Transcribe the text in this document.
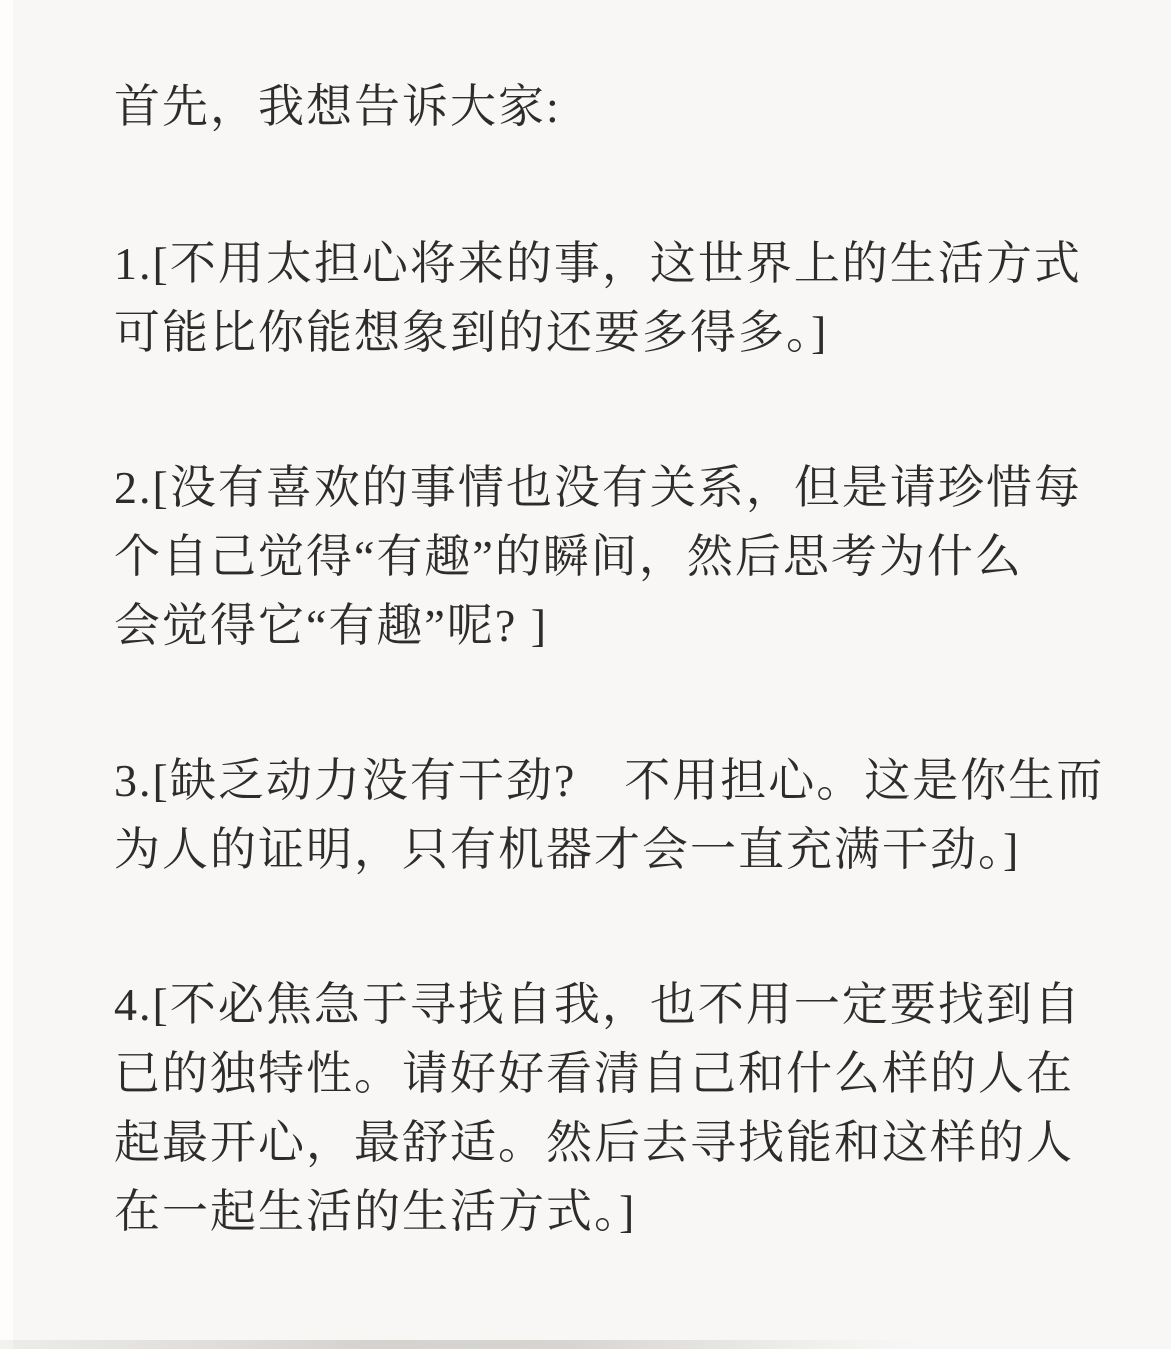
首先，我想告诉大家:

1.[不用太担心将来的事，这世界上的生活方式

可能比你能想象到的还要多得多。]

2.[没有喜欢的事情也没有关系，但是请珍惜每

个自己觉得“有趣”的瞬间，然后思考为什么

会觉得它“有趣”呢? ]

3.[缺乏动力没有干劲?　不用担心。这是你生而

为人的证明，只有机器才会一直充满干劲。]

4.[不必焦急于寻找自我，也不用一定要找到自

已的独特性。请好好看清自己和什么样的人在

起最开心，最舒适。然后去寻找能和这样的人

在一起生活的生活方式。]
